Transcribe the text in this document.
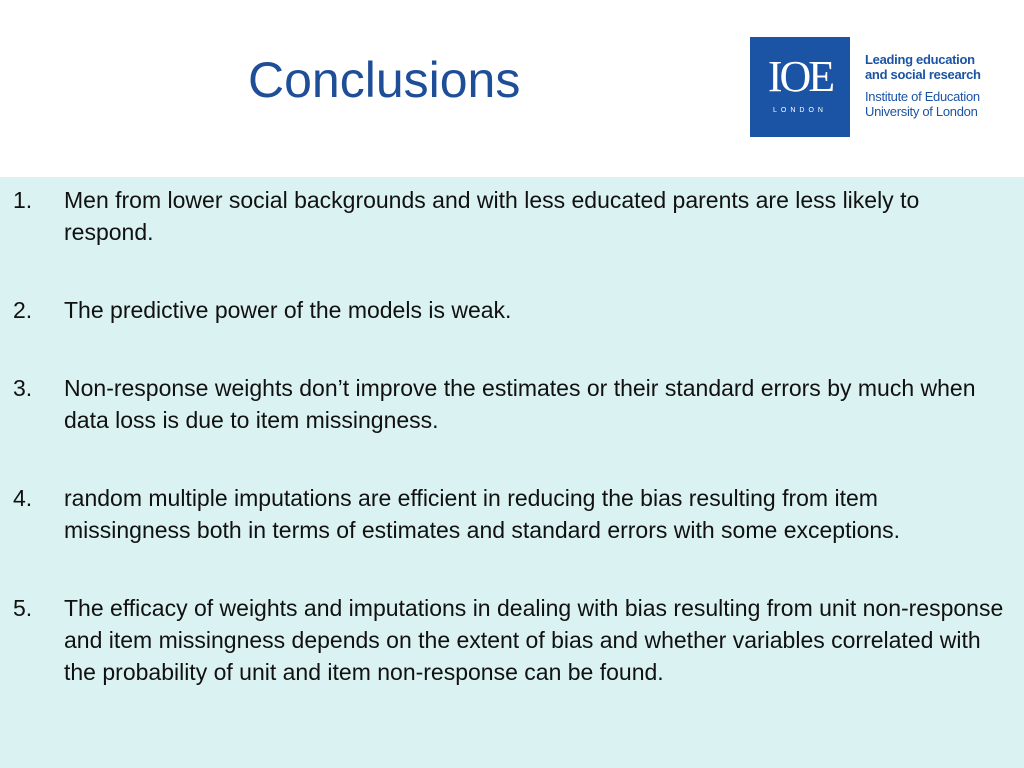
Conclusions	IOE
LONDON
Leading education
and social research
Institute of Education
University of London
1. Men from lower social backgrounds and with less educated parents are less likely to respond.
2. The predictive power of the models is weak.
3. Non-response weights don’t improve the estimates or their standard errors by much when data loss is due to item missingness.
4. random multiple imputations are efficient in reducing the bias resulting from item missingness both in terms of estimates and standard errors with some exceptions.
5. The efficacy of weights and imputations in dealing with bias resulting from unit non-response and item missingness depends on the extent of bias and whether variables correlated with the probability of unit and item non-response can be found.
